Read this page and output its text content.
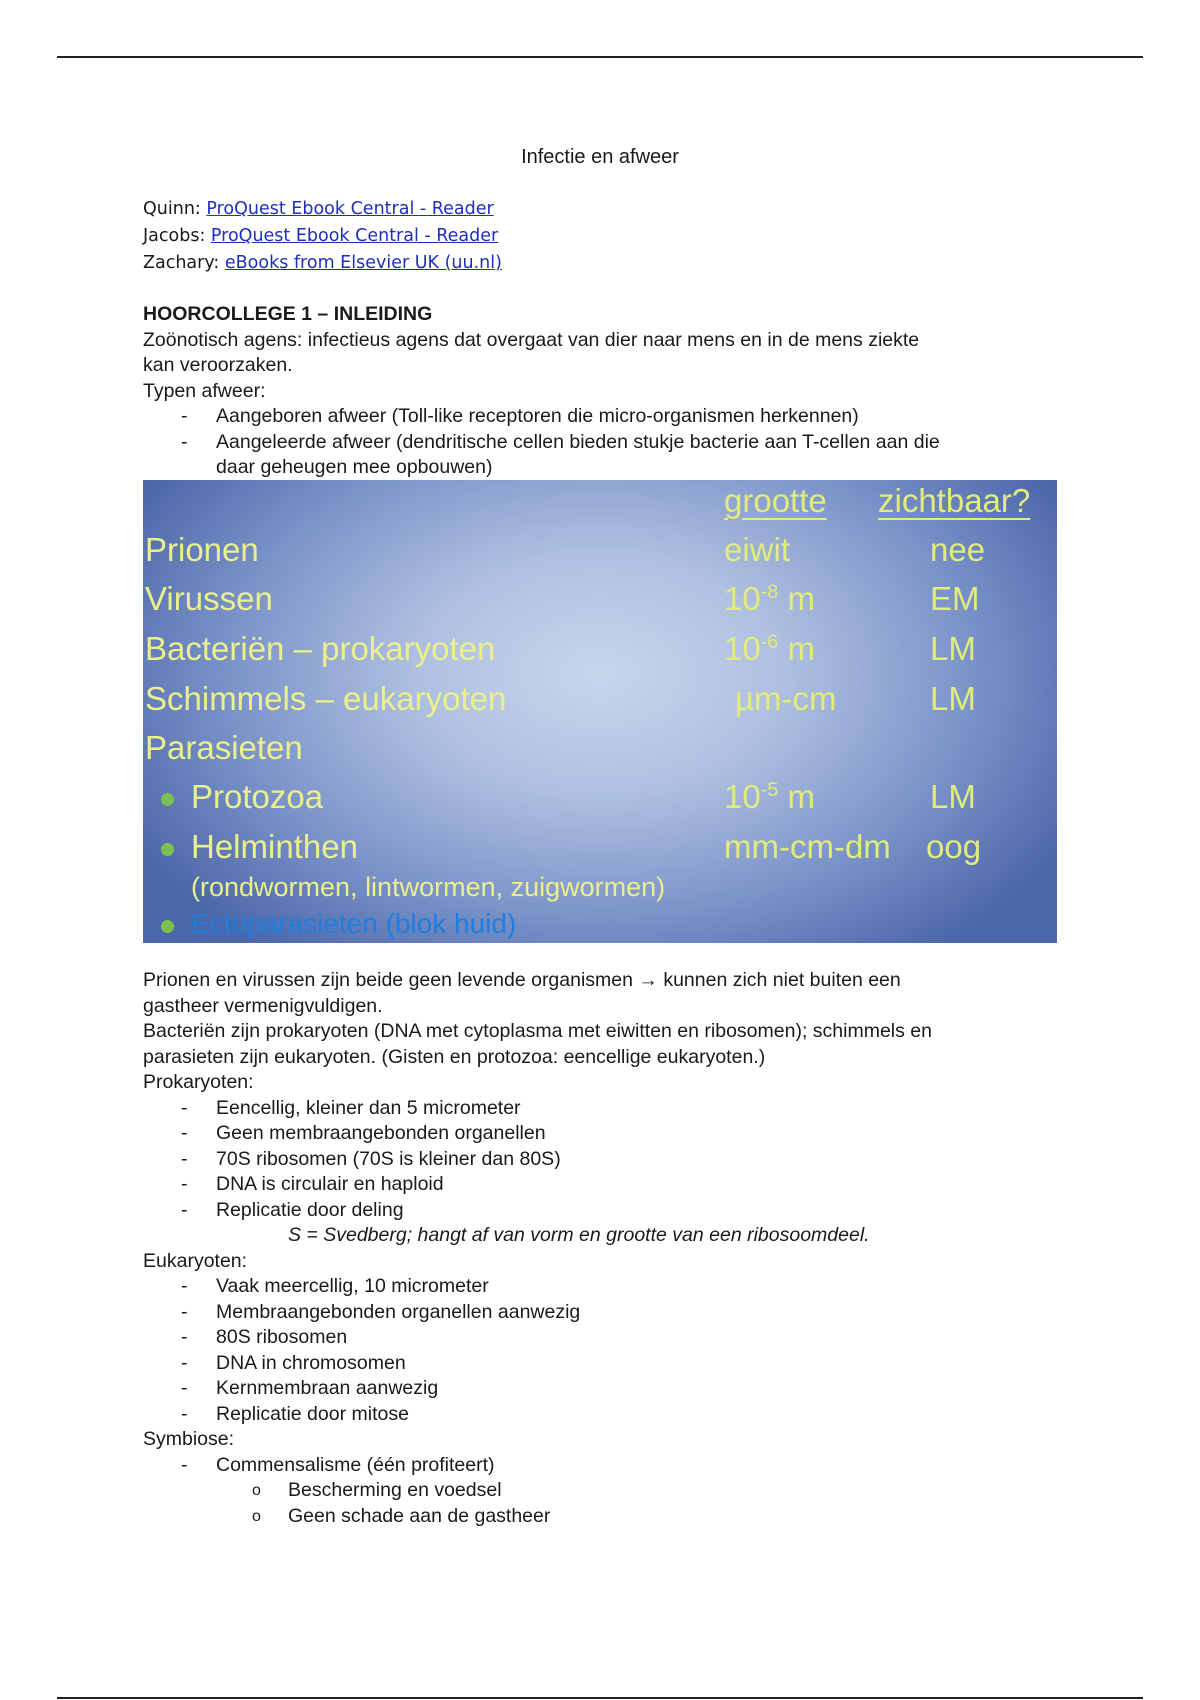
Infectie en afweer
Quinn: ProQuest Ebook Central - Reader
Jacobs: ProQuest Ebook Central - Reader
Zachary: eBooks from Elsevier UK (uu.nl)
HOORCOLLEGE 1 – INLEIDING
Zoönotisch agens: infectieus agens dat overgaat van dier naar mens en in de mens ziekte
kan veroorzaken.
Typen afweer:
- Aangeboren afweer (Toll-like receptoren die micro-organismen herkennen)
- Aangeleerde afweer (dendritische cellen bieden stukje bacterie aan T-cellen aan die
daar geheugen mee opbouwen)
grootte zichtbaar?
Prionen	eiwit	nee
Virussen	$10^{-8}$ m	EM
Bacteriën – prokaryoten	$10^{-6}$ m	LM
Schimmels – eukaryoten	µm-cm	LM
Parasieten
Protozoa	$10^{-5}$ m	LM
Helminthen	mm-cm-dm oog
(rondwormen, lintwormen, zuigwormen)
Ectoparasieten (blok huid)
Prionen en virussen zijn beide geen levende organismen → kunnen zich niet buiten een
gastheer vermenigvuldigen.
Bacteriën zijn prokaryoten (DNA met cytoplasma met eiwitten en ribosomen); schimmels en
parasieten zijn eukaryoten. (Gisten en protozoa: eencellige eukaryoten.)
Prokaryoten:
- Eencellig, kleiner dan 5 micrometer
- Geen membraangebonden organellen
- 70S ribosomen (70S is kleiner dan 80S)
- DNA is circulair en haploid
- Replicatie door deling
S = Svedberg; hangt af van vorm en grootte van een ribosoomdeel.
Eukaryoten:
- Vaak meercellig, 10 micrometer
- Membraangebonden organellen aanwezig
- 80S ribosomen
- DNA in chromosomen
- Kernmembraan aanwezig
- Replicatie door mitose
Symbiose:
- Commensalisme (één profiteert)
o Bescherming en voedsel
o Geen schade aan de gastheer
